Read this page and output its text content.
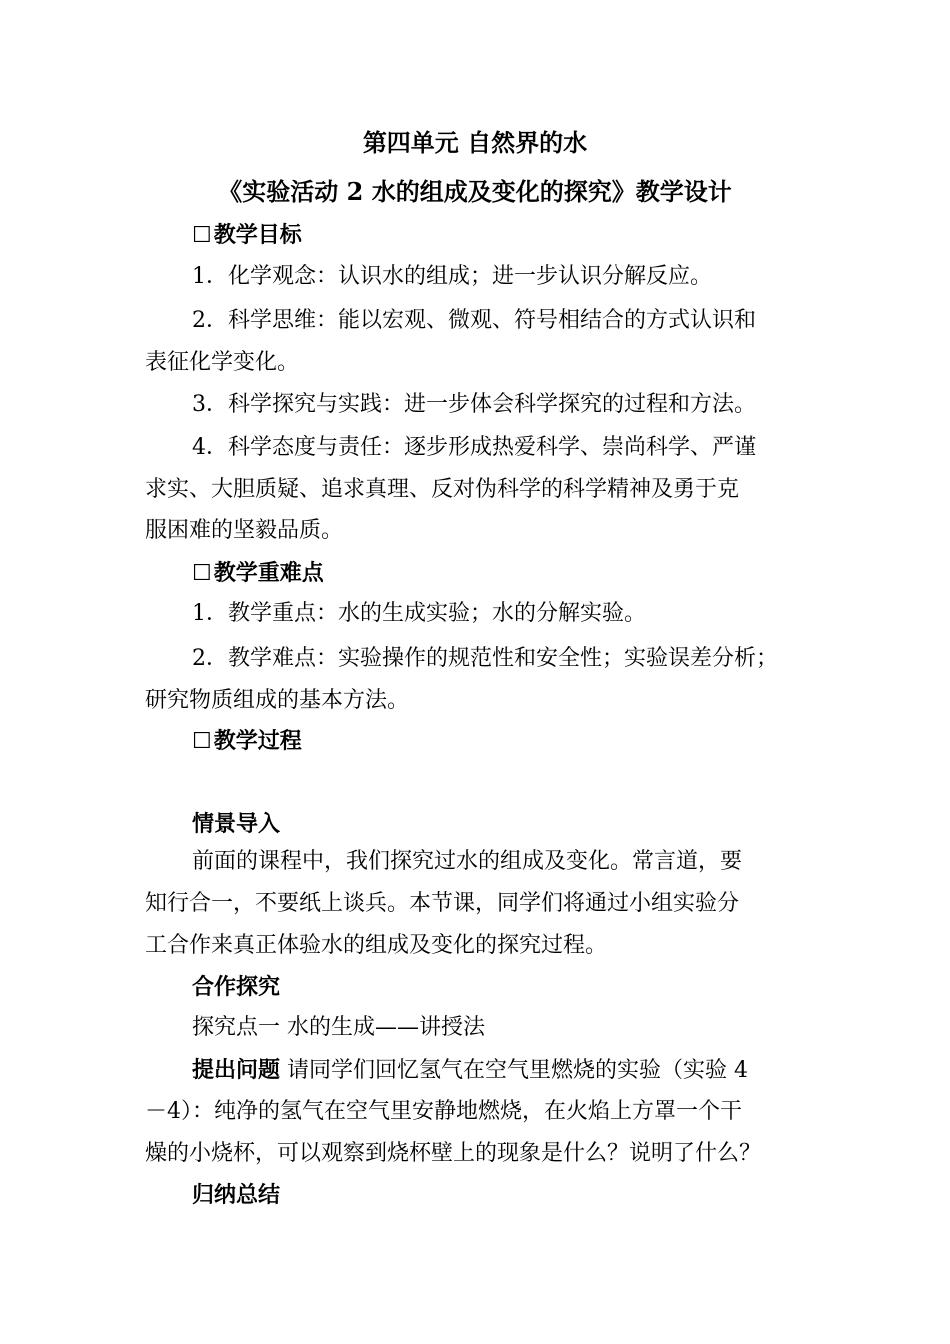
第四单元 自然界的水
《实验活动 2 水的组成及变化的探究》教学设计
☐教学目标
1．化学观念：认识水的组成；进一步认识分解反应。
2．科学思维：能以宏观、微观、符号相结合的方式认识和
表征化学变化。
3．科学探究与实践：进一步体会科学探究的过程和方法。
4．科学态度与责任：逐步形成热爱科学、崇尚科学、严谨
求实、大胆质疑、追求真理、反对伪科学的科学精神及勇于克
服困难的坚毅品质。
☐教学重难点
1．教学重点：水的生成实验；水的分解实验。
2．教学难点：实验操作的规范性和安全性；实验误差分析；
研究物质组成的基本方法。
☐教学过程
情景导入
前面的课程中，我们探究过水的组成及变化。常言道，要
知行合一，不要纸上谈兵。本节课，同学们将通过小组实验分
工合作来真正体验水的组成及变化的探究过程。
合作探究
探究点一 水的生成——讲授法
提出问题 请同学们回忆氢气在空气里燃烧的实验（实验 4
－4）：纯净的氢气在空气里安静地燃烧，在火焰上方罩一个干
燥的小烧杯，可以观察到烧杯壁上的现象是什么？说明了什么？
归纳总结
